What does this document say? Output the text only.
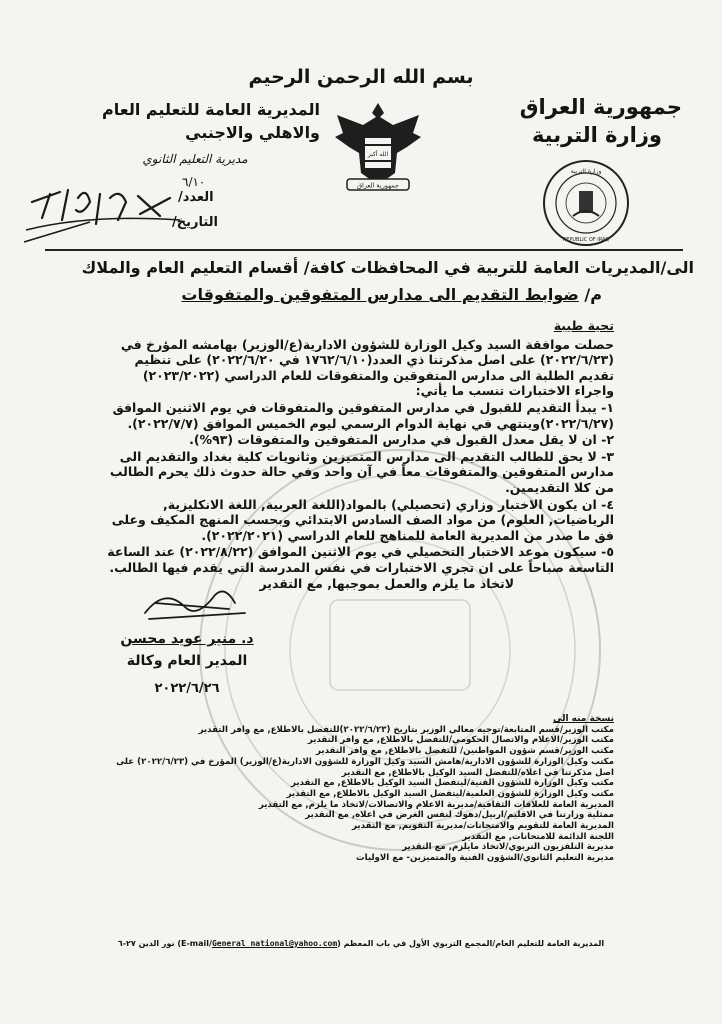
بسم الله الرحمن الرحيم
جمهورية العراق
وزارة التربية
المديرية العامة للتعليم العام
والاهلي والاجنبي
مديرية التعليم الثانوي	الله أكبر
جمهورية العراق
وزارة التربية
REPUBLIC OF IRAQ
٦/١٠
العدد/
التاريخ/
الى/المديريات العامة للتربية في المحافظات كافة/ أقسام التعليم العام والملاك
م/ ضوابط التقديم الى مدارس المتفوقين والمتفوقات

تحية طيبة

حصلت موافقة السيد وكيل الوزارة للشؤون الادارية(ع/الوزير) بهامشه المؤرخ في (٢٠٢٢/٦/٢٣) على اصل مذكرتنا ذي العدد(١٧٦٢/٦/١٠ في ٢٠٢٢/٦/٢٠) على تنظيم تقديم الطلبة الى مدارس المتفوقين والمتفوقات للعام الدراسي (٢٠٢٣/٢٠٢٢) واجراء الاختبارات تنسب ما يأتي:

١- يبدأ التقديم للقبول في مدارس المتفوقين والمتفوقات في يوم الاثنين الموافق (٢٠٢٢/٦/٢٧)وينتهي في نهاية الدوام الرسمي ليوم الخميس الموافق (٢٠٢٢/٧/٧).

٢- ان لا يقل معدل القبول في مدارس المتفوقين والمتفوقات (٩٣%).

٣- لا يحق للطالب التقديم الى مدارس المتميزين وثانويات كلية بغداد والتقديم الى مدارس المتفوقين والمتفوقات معاً في آن واحد وفي حالة حدوث ذلك يحرم الطالب من كلا التقديمين.

٤- ان يكون الاختبار وزاري (تحصيلي) بالمواد(اللغة العربية, اللغة الانكليزية, الرياضيات, العلوم) من مواد الصف السادس الابتدائي وبحسب المنهج المكيف وعلى فق ما صدر من المديرية العامة للمناهج للعام الدراسي (٢٠٢٢/٢٠٢١).

٥- سيكون موعد الاختبار التحصيلي في يوم الاثنين الموافق (٢٠٢٢/٨/٢٢) عند الساعة التاسعة صباحاً على ان تجري الاختبارات في نفس المدرسة التي يقدم فيها الطالب.

لاتخاذ ما يلزم والعمل بموجبها, مع التقدير

د. منير عويد محسن
المدير العام وكالة
٢٠٢٢/٦/٢٦
نسخة منه الى
مكتب الوزير/قسم المتابعة/توجيه معالي الوزير بتاريخ (٢٠٢٢/٦/٢٣)للتفضل بالاطلاع, مع وافر التقدير
مكتب الوزير/الاعلام والاتصال الحكومي/للتفضل بالاطلاع, مع وافر التقدير
مكتب الوزير/قسم شؤون المواطنين/ للتفضل بالاطلاع, مع وافر التقدير
مكتب وكيل الوزارة للشؤون الادارية/هامش السيد وكيل الوزارة للشؤون الادارية(ع/الوزير) المؤرخ في (٢٠٢٢/٦/٢٣) على
اصل مذكرتنا في اعلاه/للتفضل السيد الوكيل بالاطلاع, مع التقدير
مكتب وكيل الوزارة للشؤون الفنية/ليتفضل السيد الوكيل بالاطلاع, مع التقدير
مكتب وكيل الوزارة للشؤون العلمية/ليتفضل السيد الوكيل بالاطلاع, مع التقدير
المديرية العامة للعلاقات الثقافية/مديرية الاعلام والاتصالات/لاتخاذ ما يلزم, مع التقدير
ممثلية وزارتنا في الاقليم/اربيل/دهوك لنفس الغرض في اعلاه, مع التقدير
المديرية العامة للتقويم والامتحانات/مديرية التقويم, مع التقدير
اللجنة الدائمة للامتحانات, مع التقدير
مديرية التلفزيون التربوي/لاتخاذ مايلزم, مع التقدير
مديرية التعليم الثانوي/الشؤون الفنية والمتميزين- مع الاوليات
المديرية العامة للتعليم العام/المجمع التربوي الأول في باب المعظم (E-mail/General_national@yahoo.com) نور الدين ٢٧-٦
